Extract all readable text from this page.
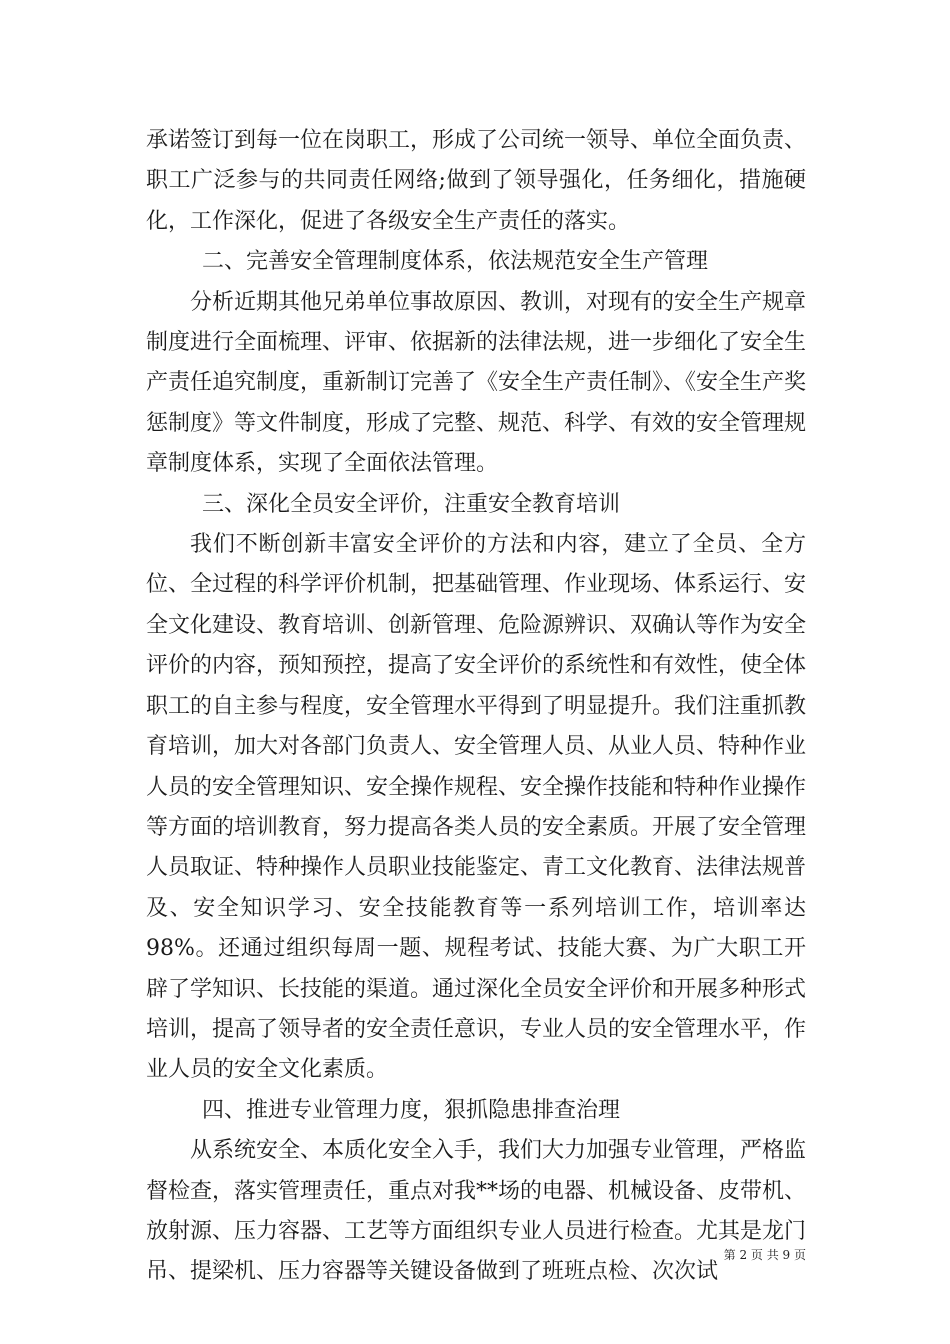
承诺签订到每一位在岗职工，形成了公司统一领导、单位全面负责、职工广泛参与的共同责任网络;做到了领导强化，任务细化，措施硬化，工作深化，促进了各级安全生产责任的落实。

二、完善安全管理制度体系，依法规范安全生产管理

分析近期其他兄弟单位事故原因、教训，对现有的安全生产规章制度进行全面梳理、评审、依据新的法律法规，进一步细化了安全生产责任追究制度，重新制订完善了《安全生产责任制》、《安全生产奖惩制度》等文件制度，形成了完整、规范、科学、有效的安全管理规章制度体系，实现了全面依法管理。

三、深化全员安全评价，注重安全教育培训

我们不断创新丰富安全评价的方法和内容，建立了全员、全方位、全过程的科学评价机制，把基础管理、作业现场、体系运行、安全文化建设、教育培训、创新管理、危险源辨识、双确认等作为安全评价的内容，预知预控，提高了安全评价的系统性和有效性，使全体职工的自主参与程度，安全管理水平得到了明显提升。我们注重抓教育培训，加大对各部门负责人、安全管理人员、从业人员、特种作业人员的安全管理知识、安全操作规程、安全操作技能和特种作业操作等方面的培训教育，努力提高各类人员的安全素质。开展了安全管理人员取证、特种操作人员职业技能鉴定、青工文化教育、法律法规普及、安全知识学习、安全技能教育等一系列培训工作，培训率达98%。还通过组织每周一题、规程考试、技能大赛、为广大职工开辟了学知识、长技能的渠道。通过深化全员安全评价和开展多种形式培训，提高了领导者的安全责任意识，专业人员的安全管理水平，作业人员的安全文化素质。

四、推进专业管理力度，狠抓隐患排查治理

从系统安全、本质化安全入手，我们大力加强专业管理，严格监督检查，落实管理责任，重点对我**场的电器、机械设备、皮带机、放射源、压力容器、工艺等方面组织专业人员进行检查。尤其是龙门吊、提梁机、压力容器等关键设备做到了班班点检、次次试

第 2 页 共 9 页
